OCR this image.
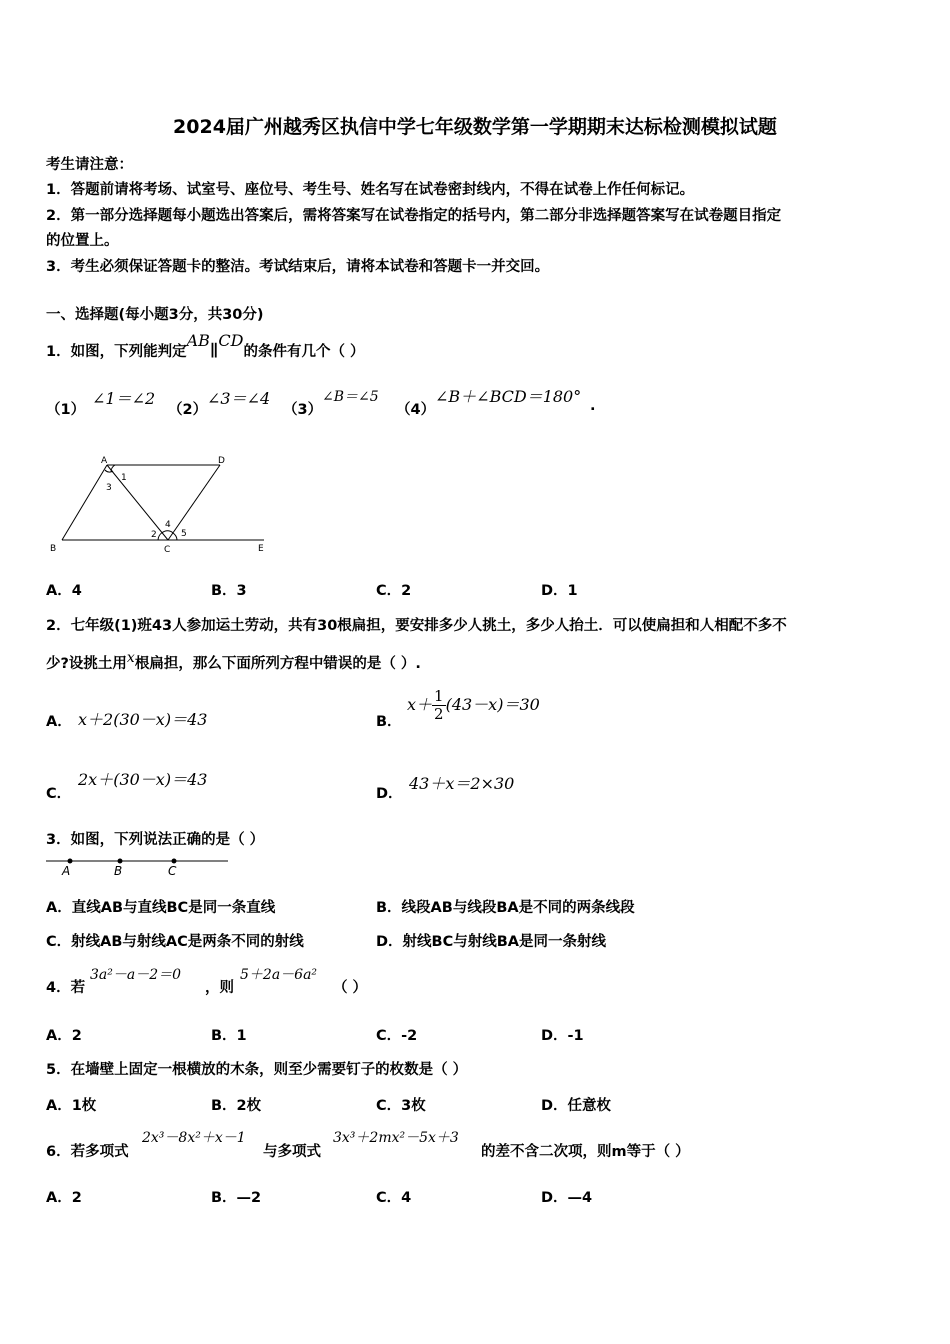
2024届广州越秀区执信中学七年级数学第一学期期末达标检测模拟试题
考生请注意：
1．答题前请将考场、试室号、座位号、考生号、姓名写在试卷密封线内，不得在试卷上作任何标记。
2．第一部分选择题每小题选出答案后，需将答案写在试卷指定的括号内，第二部分非选择题答案写在试卷题目指定
的位置上。
3．考生必须保证答题卡的整洁。考试结束后，请将本试卷和答题卡一并交回。
一、选择题(每小题3分，共30分)
1．如图，下列能判定AB∥CD的条件有几个（ ）
（1）
∠1＝∠2
（2）
∠3＝∠4
（3）
∠B＝∠5
（4）
∠B＋∠BCD＝180° .
A	D
B	C	E
1
3
2
4
5
A．4	B．3	C．2	D．1
2．七年级(1)班43人参加运土劳动，共有30根扁担，要安排多少人挑土，多少人抬土．可以使扁担和人相配不多不
少?设挑土用x根扁担，那么下面所列方程中错误的是（ ）.
A． x＋2(30－x)＝43	B．
$x+ \frac{1}{2} (43-x)=30$
C．
2x＋(30－x)＝43
D．
43＋x＝2×30
3．如图，下列说法正确的是（ ）
A	B	C
A．直线AB与直线BC是同一条直线	B．线段AB与线段BA是不同的两条线段
C．射线AB与射线AC是两条不同的射线	D．射线BC与射线BA是同一条射线
4．若
3a²－a－2＝0
，则
5＋2a－6a²
（ ）
A．2	B．1	C．-2	D．-1
5．在墙壁上固定一根横放的木条，则至少需要钉子的枚数是（ ）
A．1枚	B．2枚	C．3枚	D．任意枚
6．若多项式
2x³－8x²＋x－1
与多项式
3x³＋2mx²－5x＋3
的差不含二次项，则m等于（ ）
A．2	B．—2	C．4	D．—4
